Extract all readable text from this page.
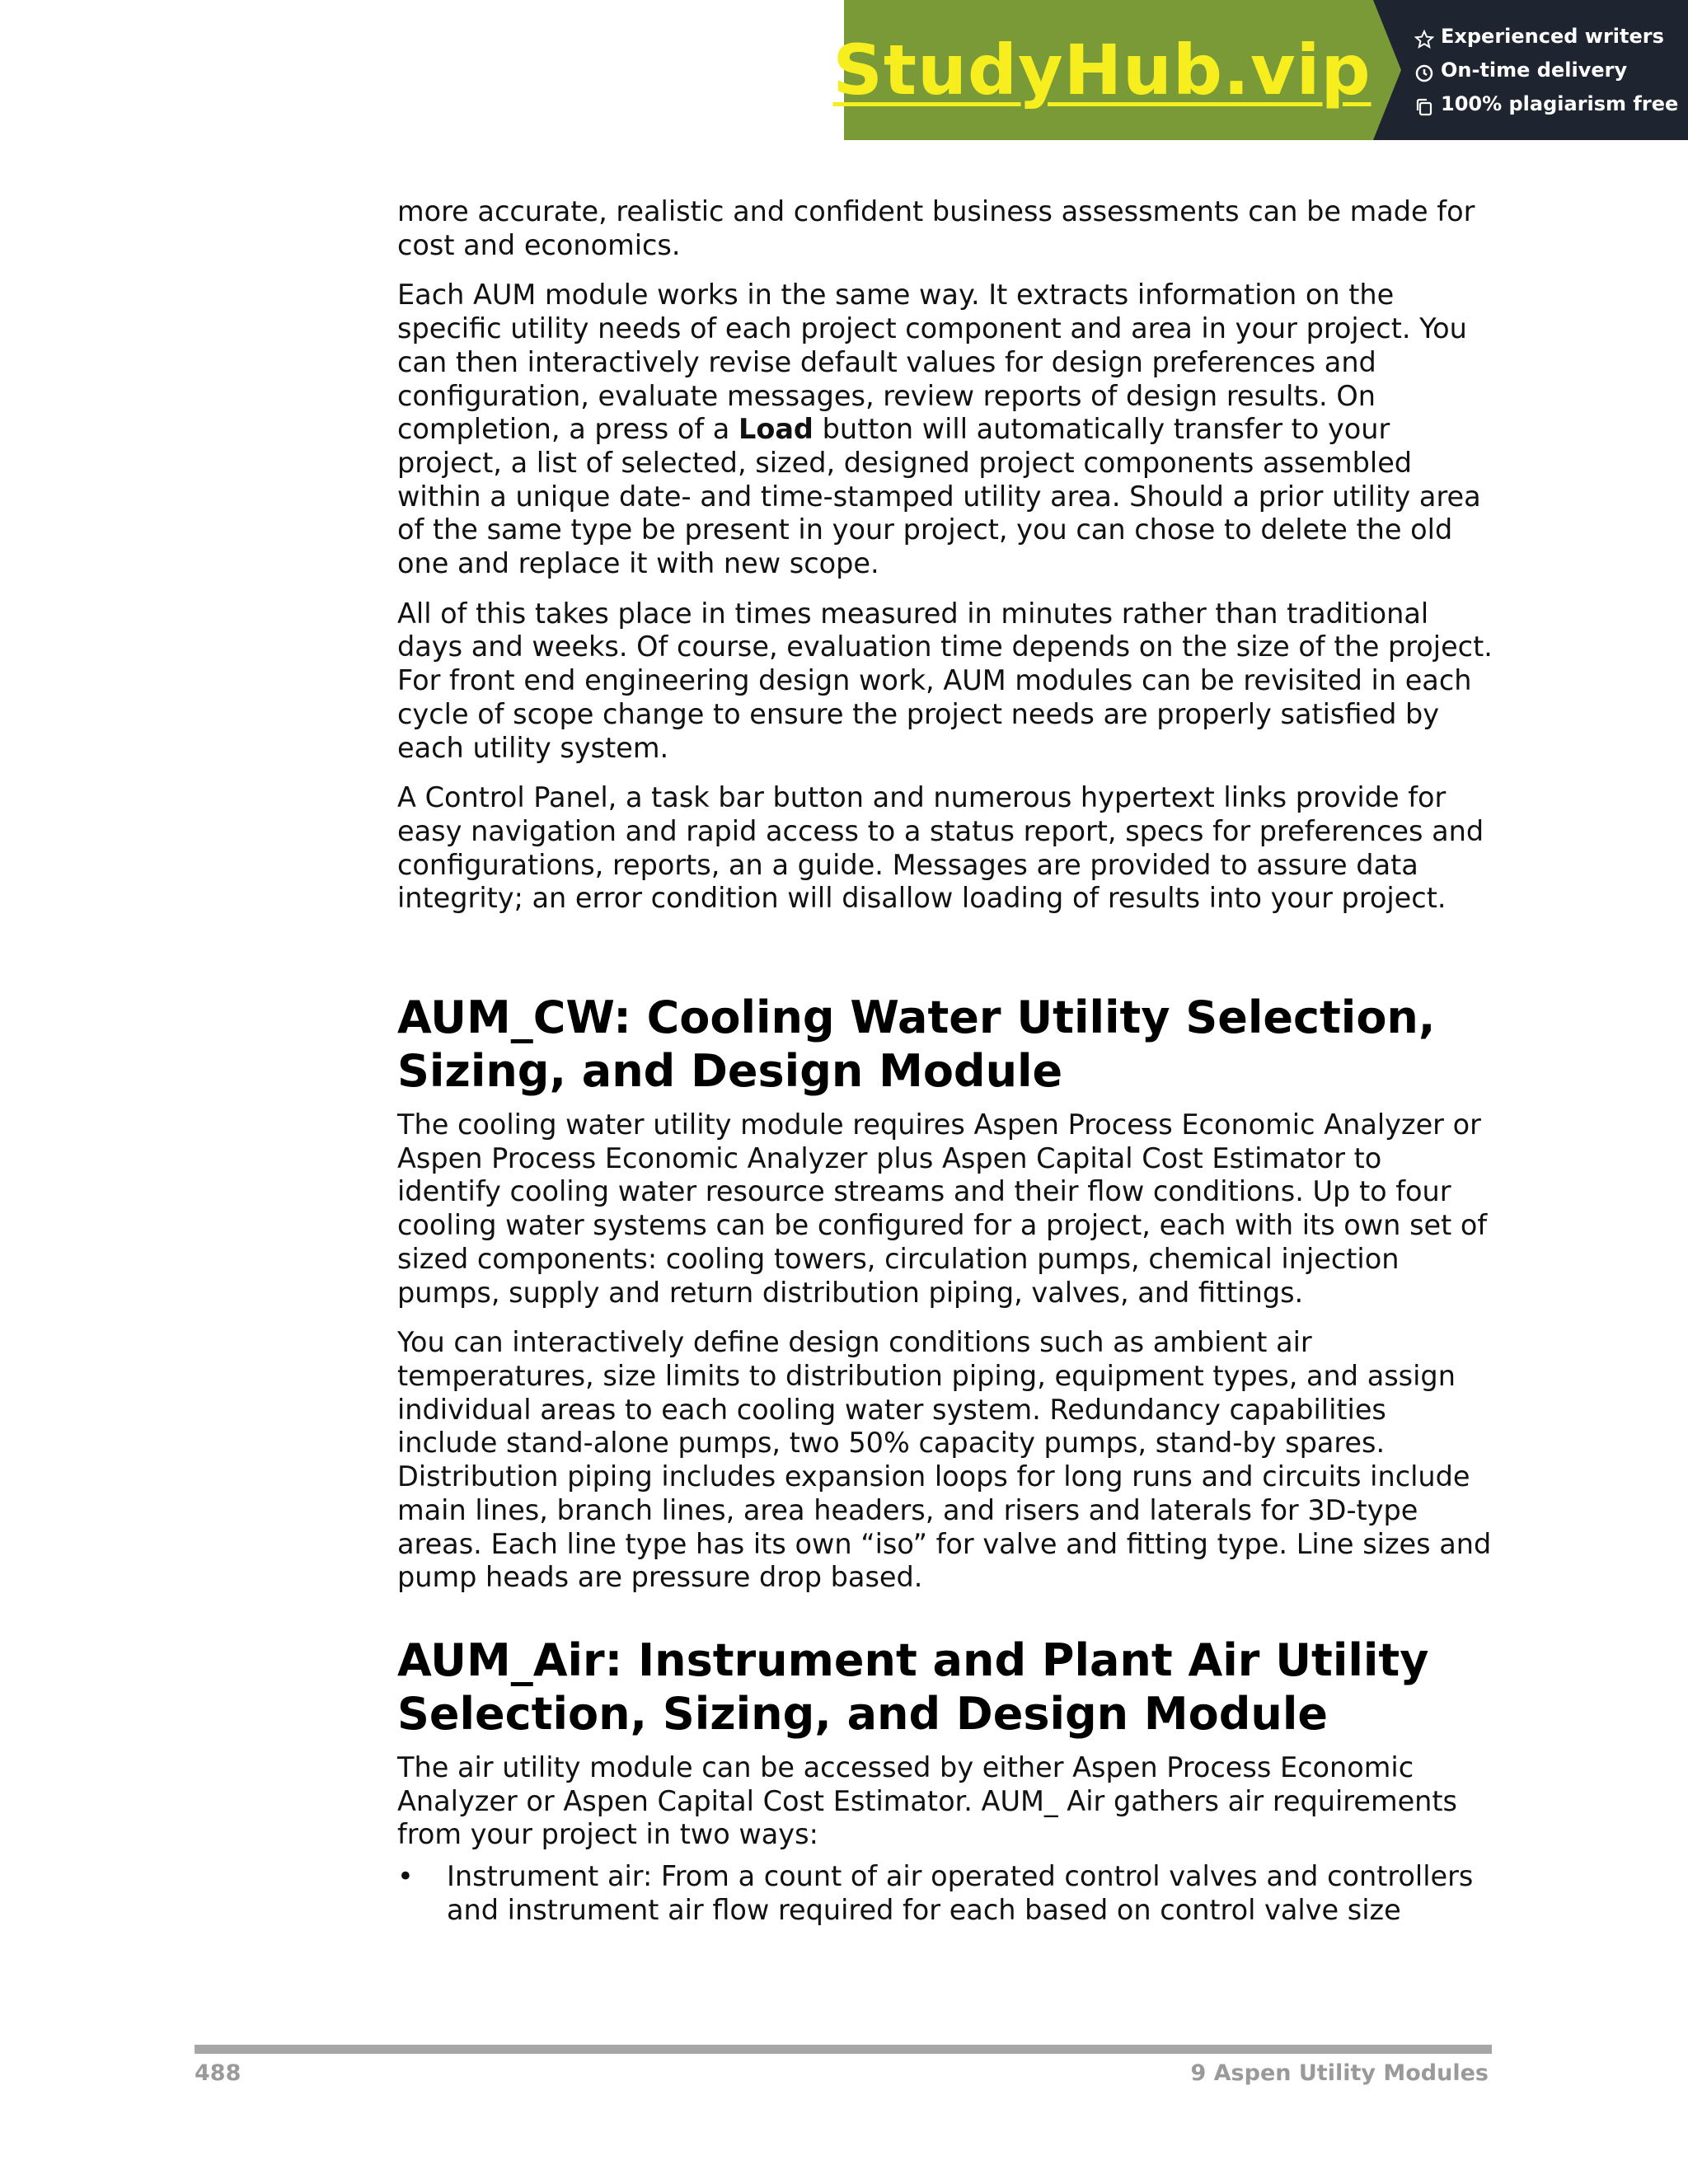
StudyHub.vip	Experienced writers
On-time delivery
100% plagiarism free

more accurate, realistic and confident business assessments can be made for cost and economics.

Each AUM module works in the same way. It extracts information on the specific utility needs of each project component and area in your project. You can then interactively revise default values for design preferences and configuration, evaluate messages, review reports of design results. On completion, a press of a Load button will automatically transfer to your project, a list of selected, sized, designed project components assembled within a unique date- and time-stamped utility area. Should a prior utility area of the same type be present in your project, you can chose to delete the old one and replace it with new scope.

All of this takes place in times measured in minutes rather than traditional days and weeks. Of course, evaluation time depends on the size of the project. For front end engineering design work, AUM modules can be revisited in each cycle of scope change to ensure the project needs are properly satisfied by each utility system.

A Control Panel, a task bar button and numerous hypertext links provide for easy navigation and rapid access to a status report, specs for preferences and configurations, reports, an a guide. Messages are provided to assure data integrity; an error condition will disallow loading of results into your project.

AUM_CW: Cooling Water Utility Selection, Sizing, and Design Module

The cooling water utility module requires Aspen Process Economic Analyzer or Aspen Process Economic Analyzer plus Aspen Capital Cost Estimator to identify cooling water resource streams and their flow conditions. Up to four cooling water systems can be configured for a project, each with its own set of sized components: cooling towers, circulation pumps, chemical injection pumps, supply and return distribution piping, valves, and fittings.

You can interactively define design conditions such as ambient air temperatures, size limits to distribution piping, equipment types, and assign individual areas to each cooling water system. Redundancy capabilities include stand-alone pumps, two 50% capacity pumps, stand-by spares. Distribution piping includes expansion loops for long runs and circuits include main lines, branch lines, area headers, and risers and laterals for 3D-type areas. Each line type has its own “iso” for valve and fitting type. Line sizes and pump heads are pressure drop based.

AUM_Air: Instrument and Plant Air Utility Selection, Sizing, and Design Module

The air utility module can be accessed by either Aspen Process Economic Analyzer or Aspen Capital Cost Estimator. AUM_ Air gathers air requirements from your project in two ways:

•	Instrument air: From a count of air operated control valves and controllers and instrument air flow required for each based on control valve size
488	9 Aspen Utility Modules
